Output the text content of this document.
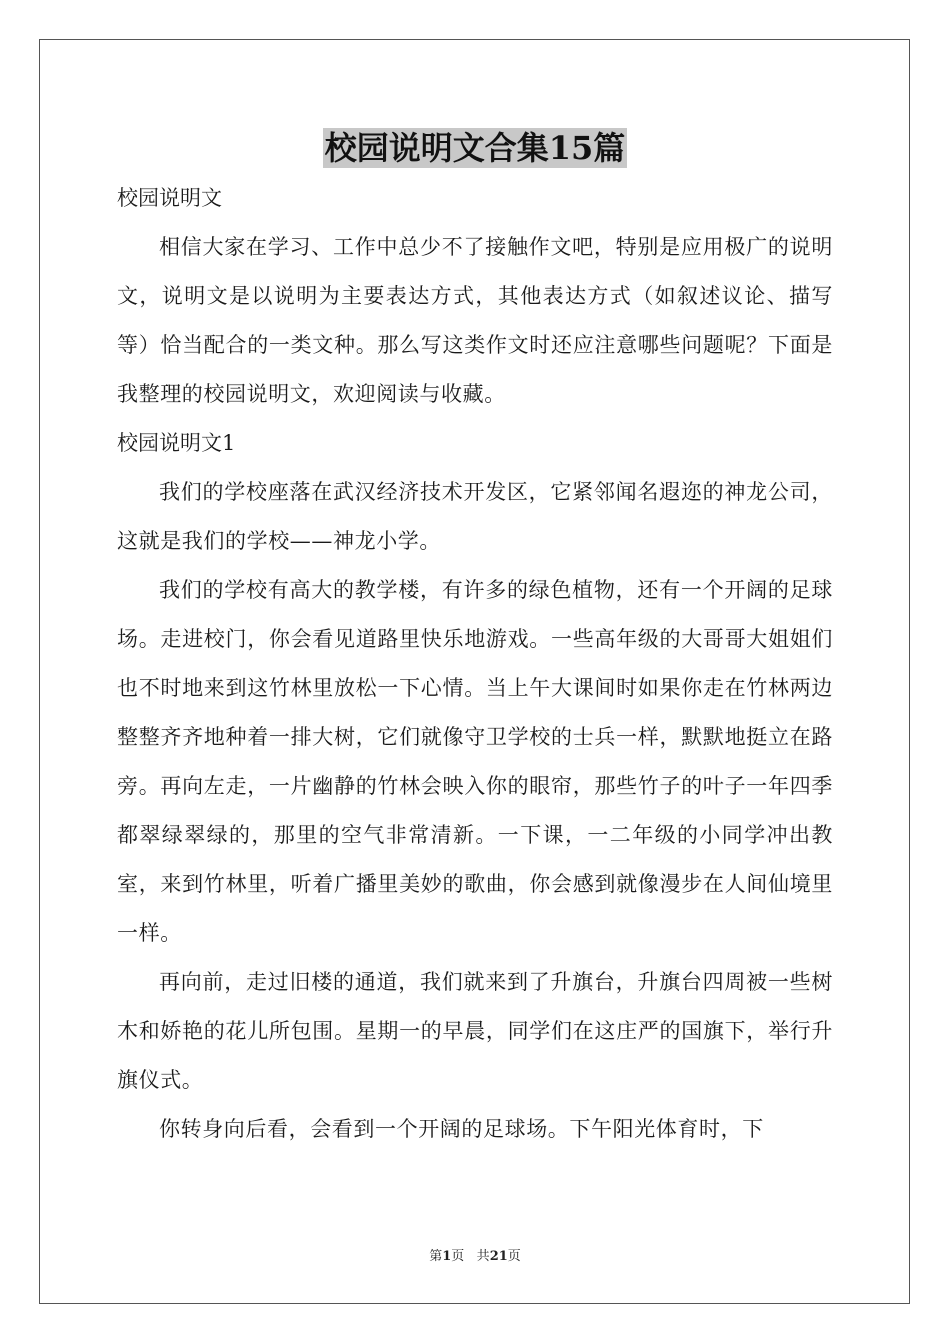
校园说明文合集15篇

校园说明文

相信大家在学习、工作中总少不了接触作文吧，特别是应用极广的说明文，说明文是以说明为主要表达方式，其他表达方式（如叙述议论、描写等）恰当配合的一类文种。那么写这类作文时还应注意哪些问题呢？下面是我整理的校园说明文，欢迎阅读与收藏。

校园说明文1

我们的学校座落在武汉经济技术开发区，它紧邻闻名遐迩的神龙公司，这就是我们的学校——神龙小学。

我们的学校有高大的教学楼，有许多的绿色植物，还有一个开阔的足球场。走进校门，你会看见道路里快乐地游戏。一些高年级的大哥哥大姐姐们也不时地来到这竹林里放松一下心情。当上午大课间时如果你走在竹林两边整整齐齐地种着一排大树，它们就像守卫学校的士兵一样，默默地挺立在路旁。再向左走，一片幽静的竹林会映入你的眼帘，那些竹子的叶子一年四季都翠绿翠绿的，那里的空气非常清新。一下课，一二年级的小同学冲出教室，来到竹林里，听着广播里美妙的歌曲，你会感到就像漫步在人间仙境里一样。

再向前，走过旧楼的通道，我们就来到了升旗台，升旗台四周被一些树木和娇艳的花儿所包围。星期一的早晨，同学们在这庄严的国旗下，举行升旗仪式。

你转身向后看，会看到一个开阔的足球场。下午阳光体育时，下

第1页 共21页
